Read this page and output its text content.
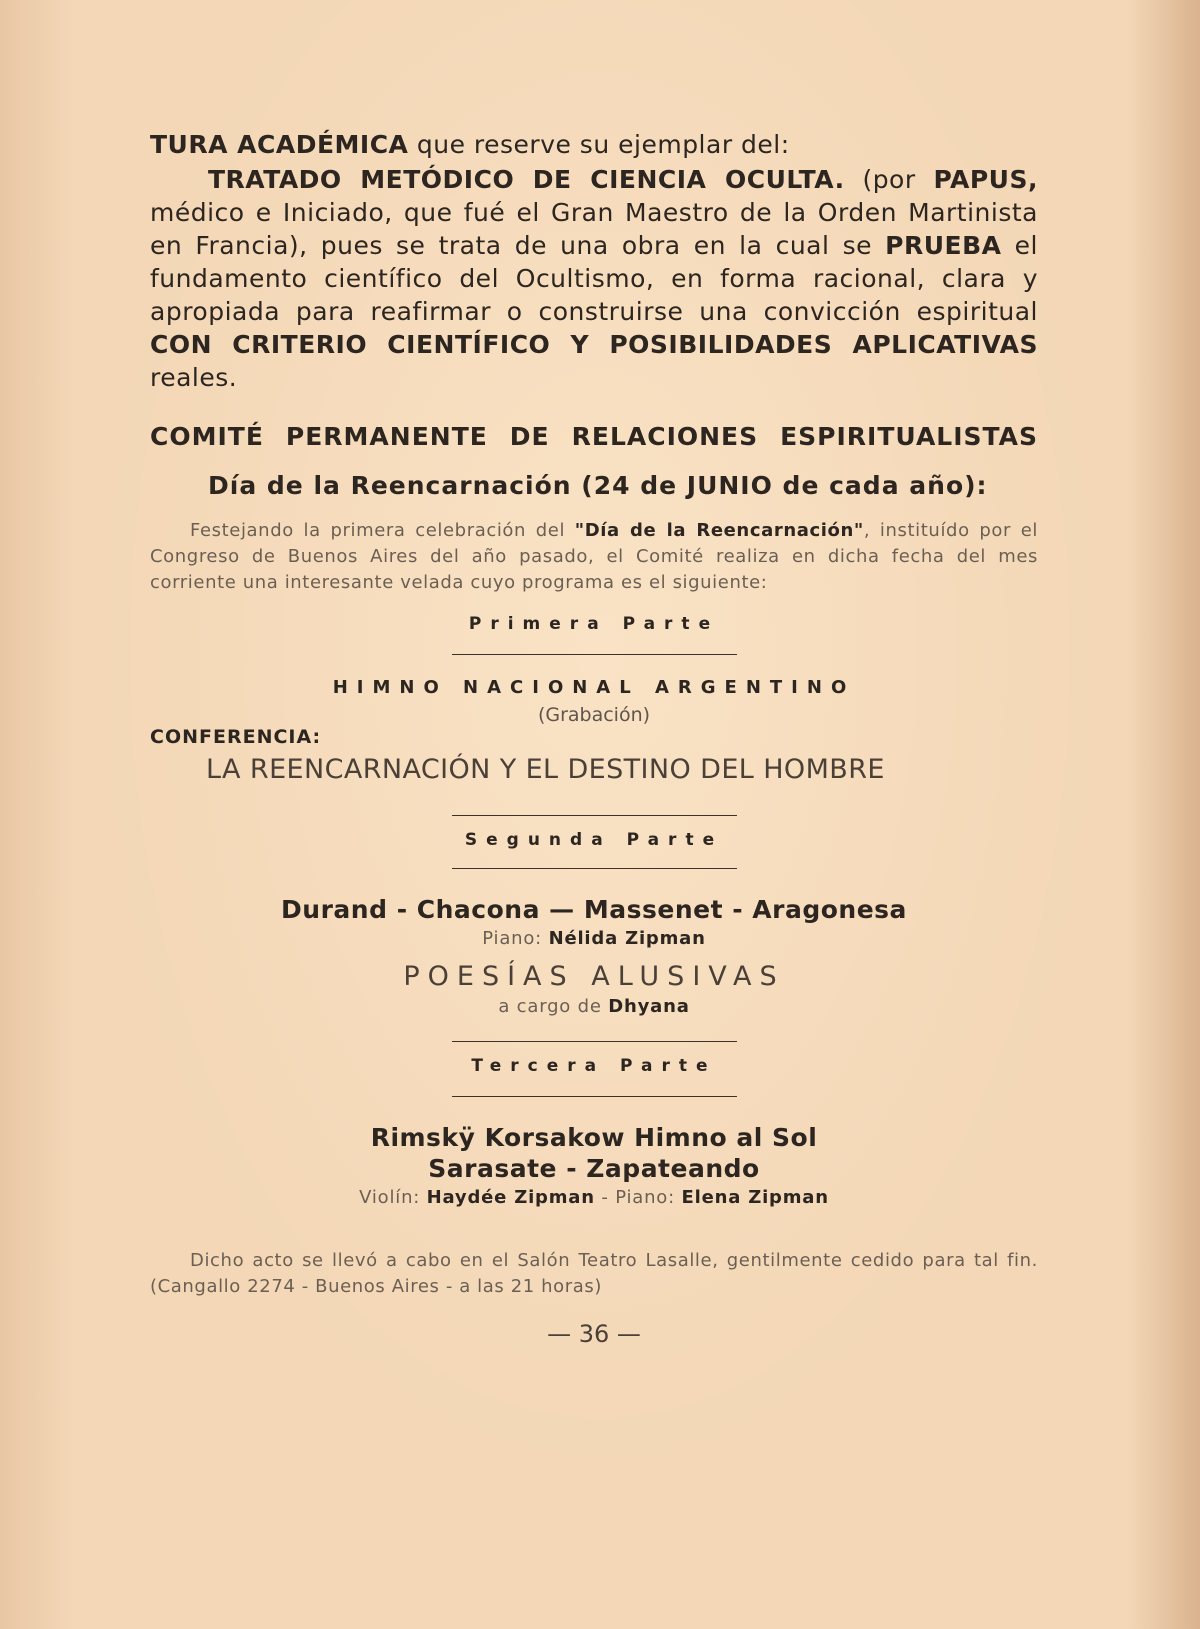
TURA ACADÉMICA que reserve su ejemplar del:

TRATADO METÓDICO DE CIENCIA OCULTA. (por PAPUS, médico e Iniciado, que fué el Gran Maestro de la Orden Martinista en Francia), pues se trata de una obra en la cual se PRUEBA el fundamento científico del Ocultismo, en forma racional, clara y apropiada para reafirmar o construirse una convicción espiritual CON CRITERIO CIENTÍFICO Y POSIBILIDADES APLICATIVAS reales.

COMITÉ PERMANENTE DE RELACIONES ESPIRITUALISTAS
Día de la Reencarnación (24 de JUNIO de cada año):

Festejando la primera celebración del "Día de la Reencarnación", instituído por el Congreso de Buenos Aires del año pasado, el Comité realiza en dicha fecha del mes corriente una interesante velada cuyo programa es el siguiente:

Primera Parte

HIMNO NACIONAL ARGENTINO
(Grabación)
CONFERENCIA:
LA REENCARNACIÓN Y EL DESTINO DEL HOMBRE

Segunda Parte

Durand - Chacona — Massenet - Aragonesa
Piano: Nélida Zipman
POESÍAS ALUSIVAS
a cargo de Dhyana

Tercera Parte

Rimskÿ Korsakow Himno al Sol
Sarasate - Zapateando
Violín: Haydée Zipman - Piano: Elena Zipman

Dicho acto se llevó a cabo en el Salón Teatro Lasalle, gentilmente cedido para tal fin. (Cangallo 2274 - Buenos Aires - a las 21 horas)

— 36 —
